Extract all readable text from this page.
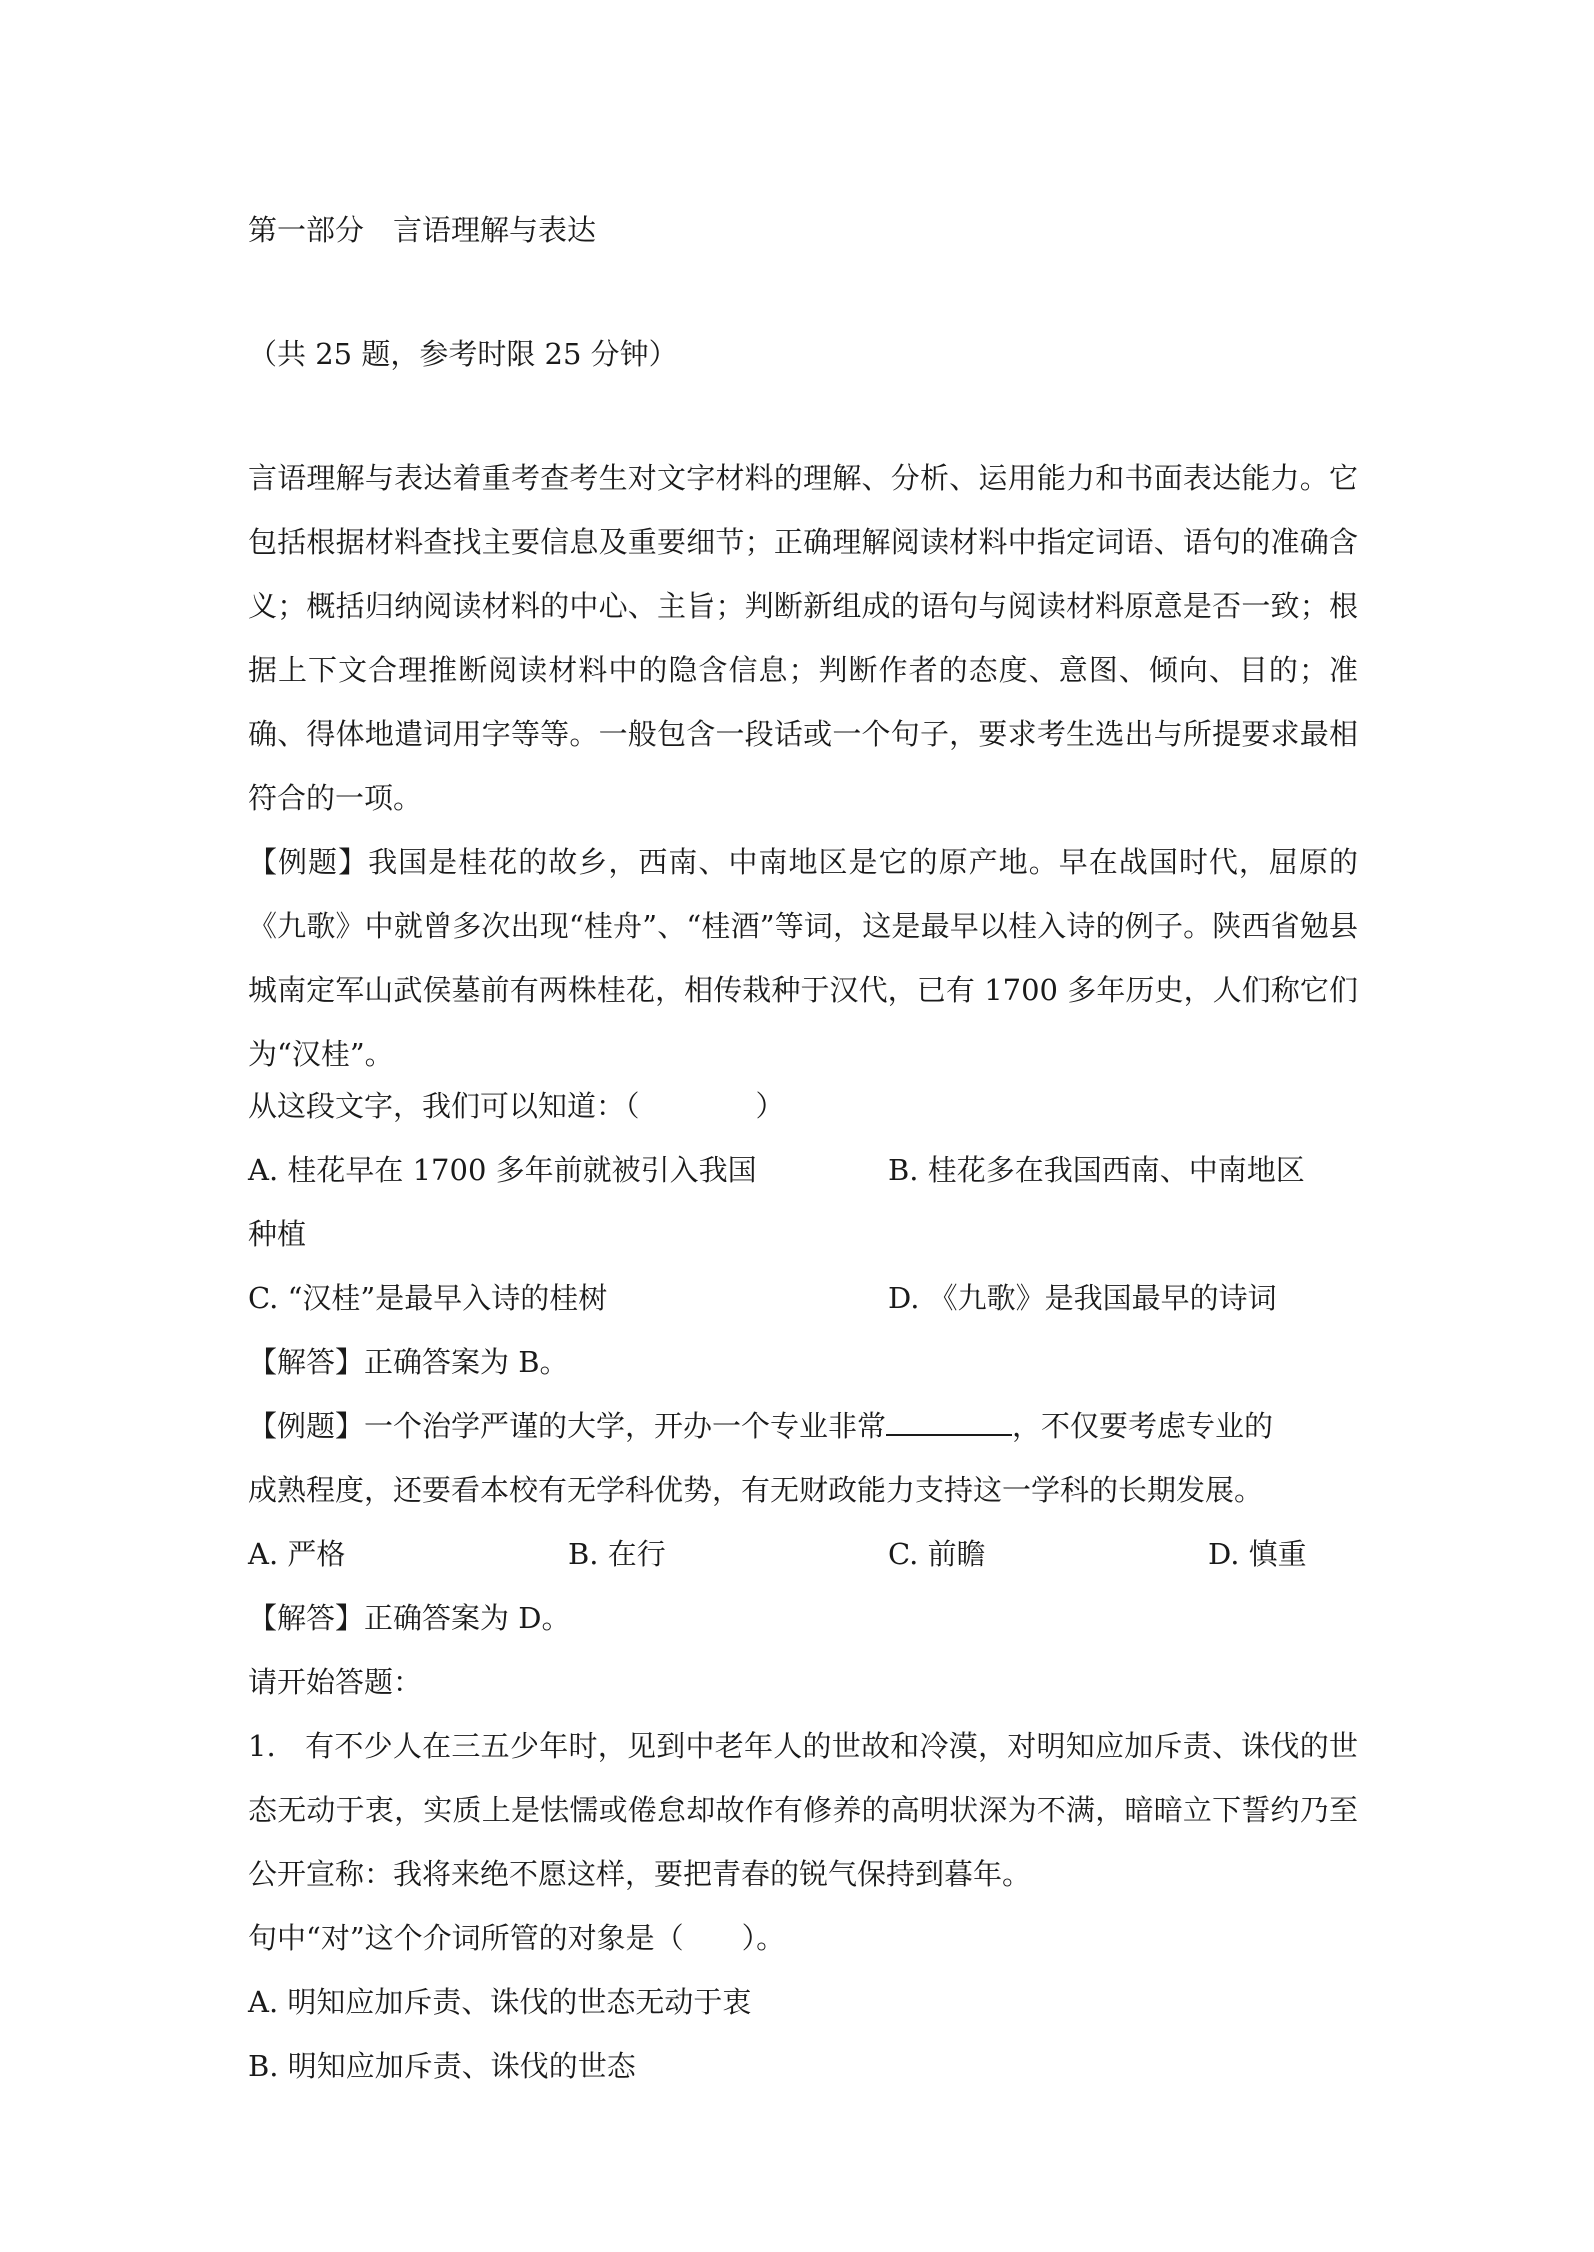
第一部分　言语理解与表达
（共 25 题，参考时限 25 分钟）
言语理解与表达着重考查考生对文字材料的理解、分析、运用能力和书面表达能力。它包括根据材料查找主要信息及重要细节；正确理解阅读材料中指定词语、语句的准确含义；概括归纳阅读材料的中心、主旨；判断新组成的语句与阅读材料原意是否一致；根据上下文合理推断阅读材料中的隐含信息；判断作者的态度、意图、倾向、目的；准确、得体地遣词用字等等。一般包含一段话或一个句子，要求考生选出与所提要求最相符合的一项。
【例题】我国是桂花的故乡，西南、中南地区是它的原产地。早在战国时代，屈原的《九歌》中就曾多次出现“桂舟”、“桂酒”等词，这是最早以桂入诗的例子。陕西省勉县城南定军山武侯墓前有两株桂花，相传栽种于汉代，已有 1700 多年历史，人们称它们为“汉桂”。
从这段文字，我们可以知道：（　　　　）
A. 桂花早在 1700 多年前就被引入我国	B. 桂花多在我国西南、中南地区
种植
C. “汉桂”是最早入诗的桂树	D. 《九歌》是我国最早的诗词
【解答】正确答案为 B。
【例题】一个治学严谨的大学，开办一个专业非常	，不仅要考虑专业的
成熟程度，还要看本校有无学科优势，有无财政能力支持这一学科的长期发展。
A. 严格	B. 在行	C. 前瞻	D. 慎重
【解答】正确答案为 D。
请开始答题：
1.　有不少人在三五少年时，见到中老年人的世故和冷漠，对明知应加斥责、诛伐的世态无动于衷，实质上是怯懦或倦怠却故作有修养的高明状深为不满，暗暗立下誓约乃至公开宣称：我将来绝不愿这样，要把青春的锐气保持到暮年。
句中“对”这个介词所管的对象是（　　）。
A. 明知应加斥责、诛伐的世态无动于衷
B. 明知应加斥责、诛伐的世态
